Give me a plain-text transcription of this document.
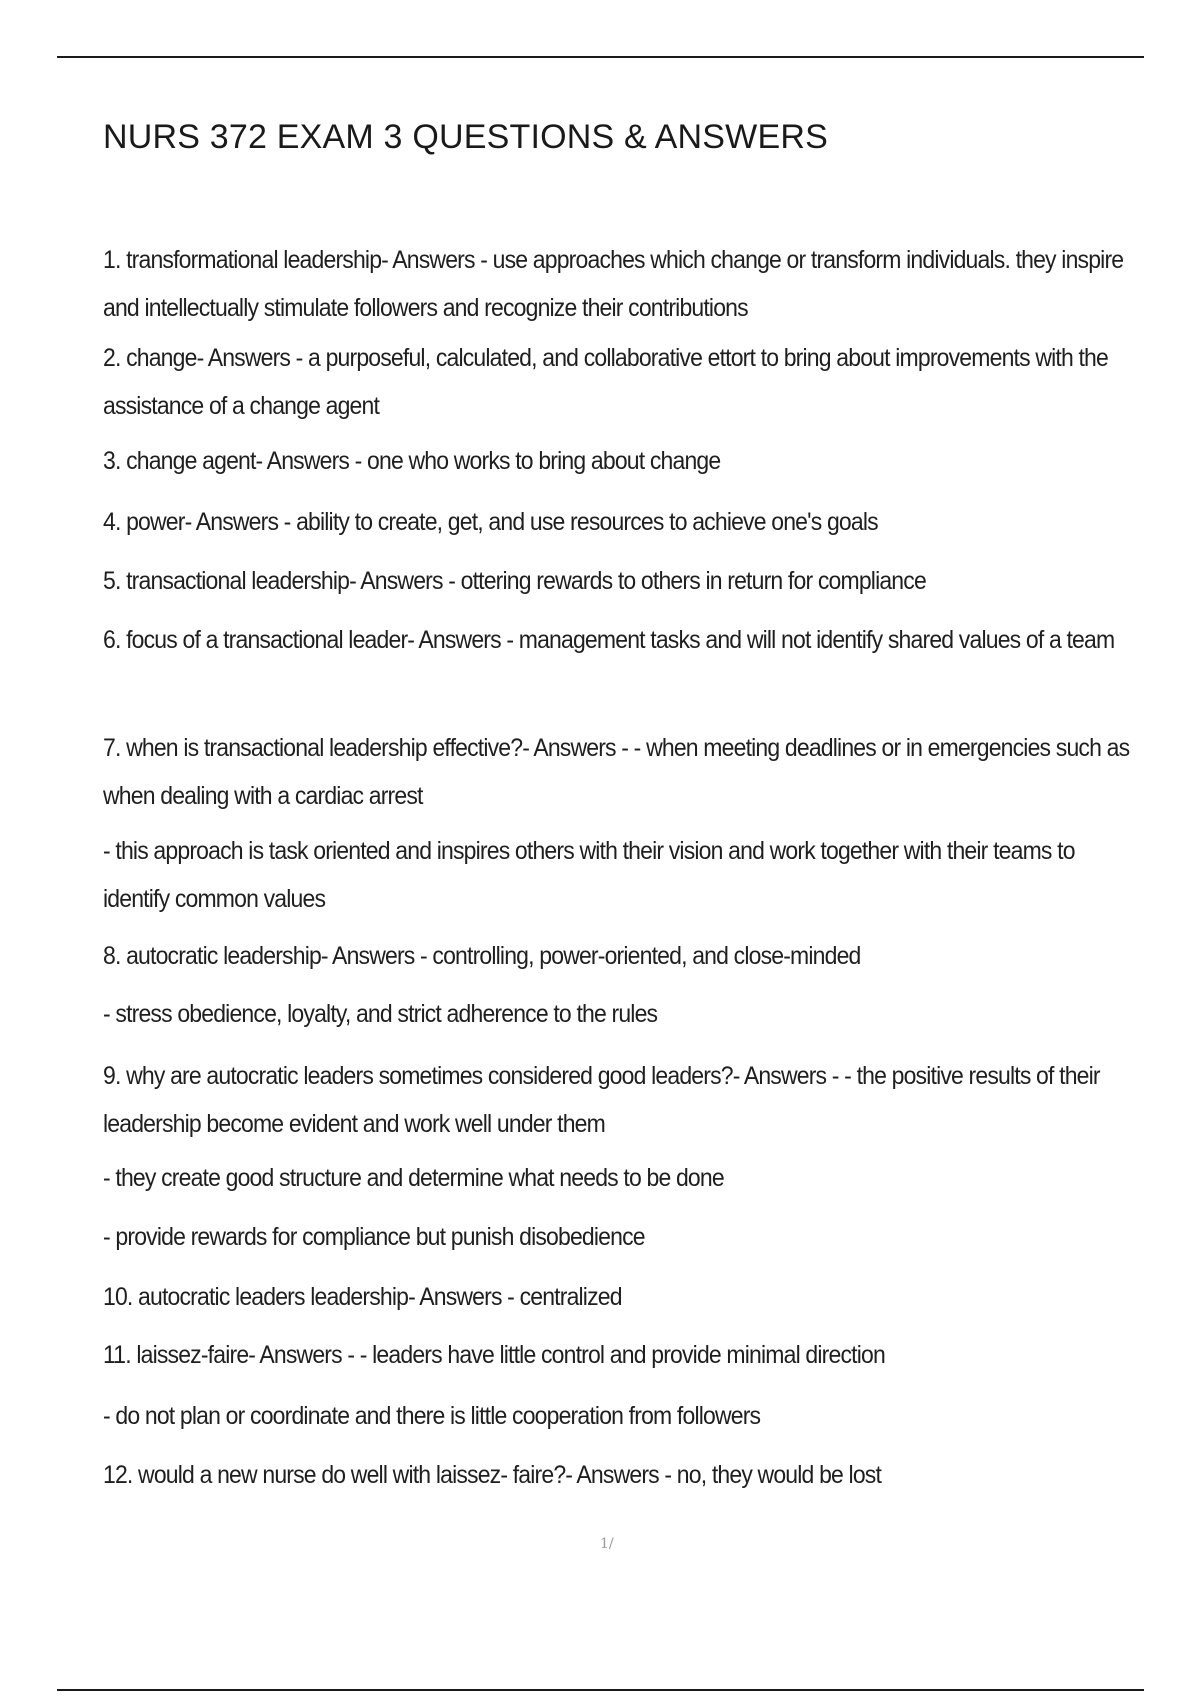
NURS 372 EXAM 3 QUESTIONS & ANSWERS

1. transformational leadership- Answers - use approaches which change or transform individuals. they inspire and intellectually stimulate followers and recognize their contributions

2. change- Answers - a purposeful, calculated, and collaborative ettort to bring about improvements with the assistance of a change agent

3. change agent- Answers - one who works to bring about change

4. power- Answers - ability to create, get, and use resources to achieve one's goals

5. transactional leadership- Answers - ottering rewards to others in return for compliance

6. focus of a transactional leader- Answers - management tasks and will not identify shared values of a team

7. when is transactional leadership effective?- Answers - - when meeting deadlines or in emergencies such as when dealing with a cardiac arrest

- this approach is task oriented and inspires others with their vision and work together with their teams to identify common values

8. autocratic leadership- Answers - controlling, power-oriented, and close-minded

- stress obedience, loyalty, and strict adherence to the rules

9. why are autocratic leaders sometimes considered good leaders?- Answers - - the positive results of their leadership become evident and work well under them

- they create good structure and determine what needs to be done

- provide rewards for compliance but punish disobedience

10. autocratic leaders leadership- Answers - centralized

11. laissez-faire- Answers - - leaders have little control and provide minimal direction

- do not plan or coordinate and there is little cooperation from followers

12. would a new nurse do well with laissez- faire?- Answers - no, they would be lost

1/
